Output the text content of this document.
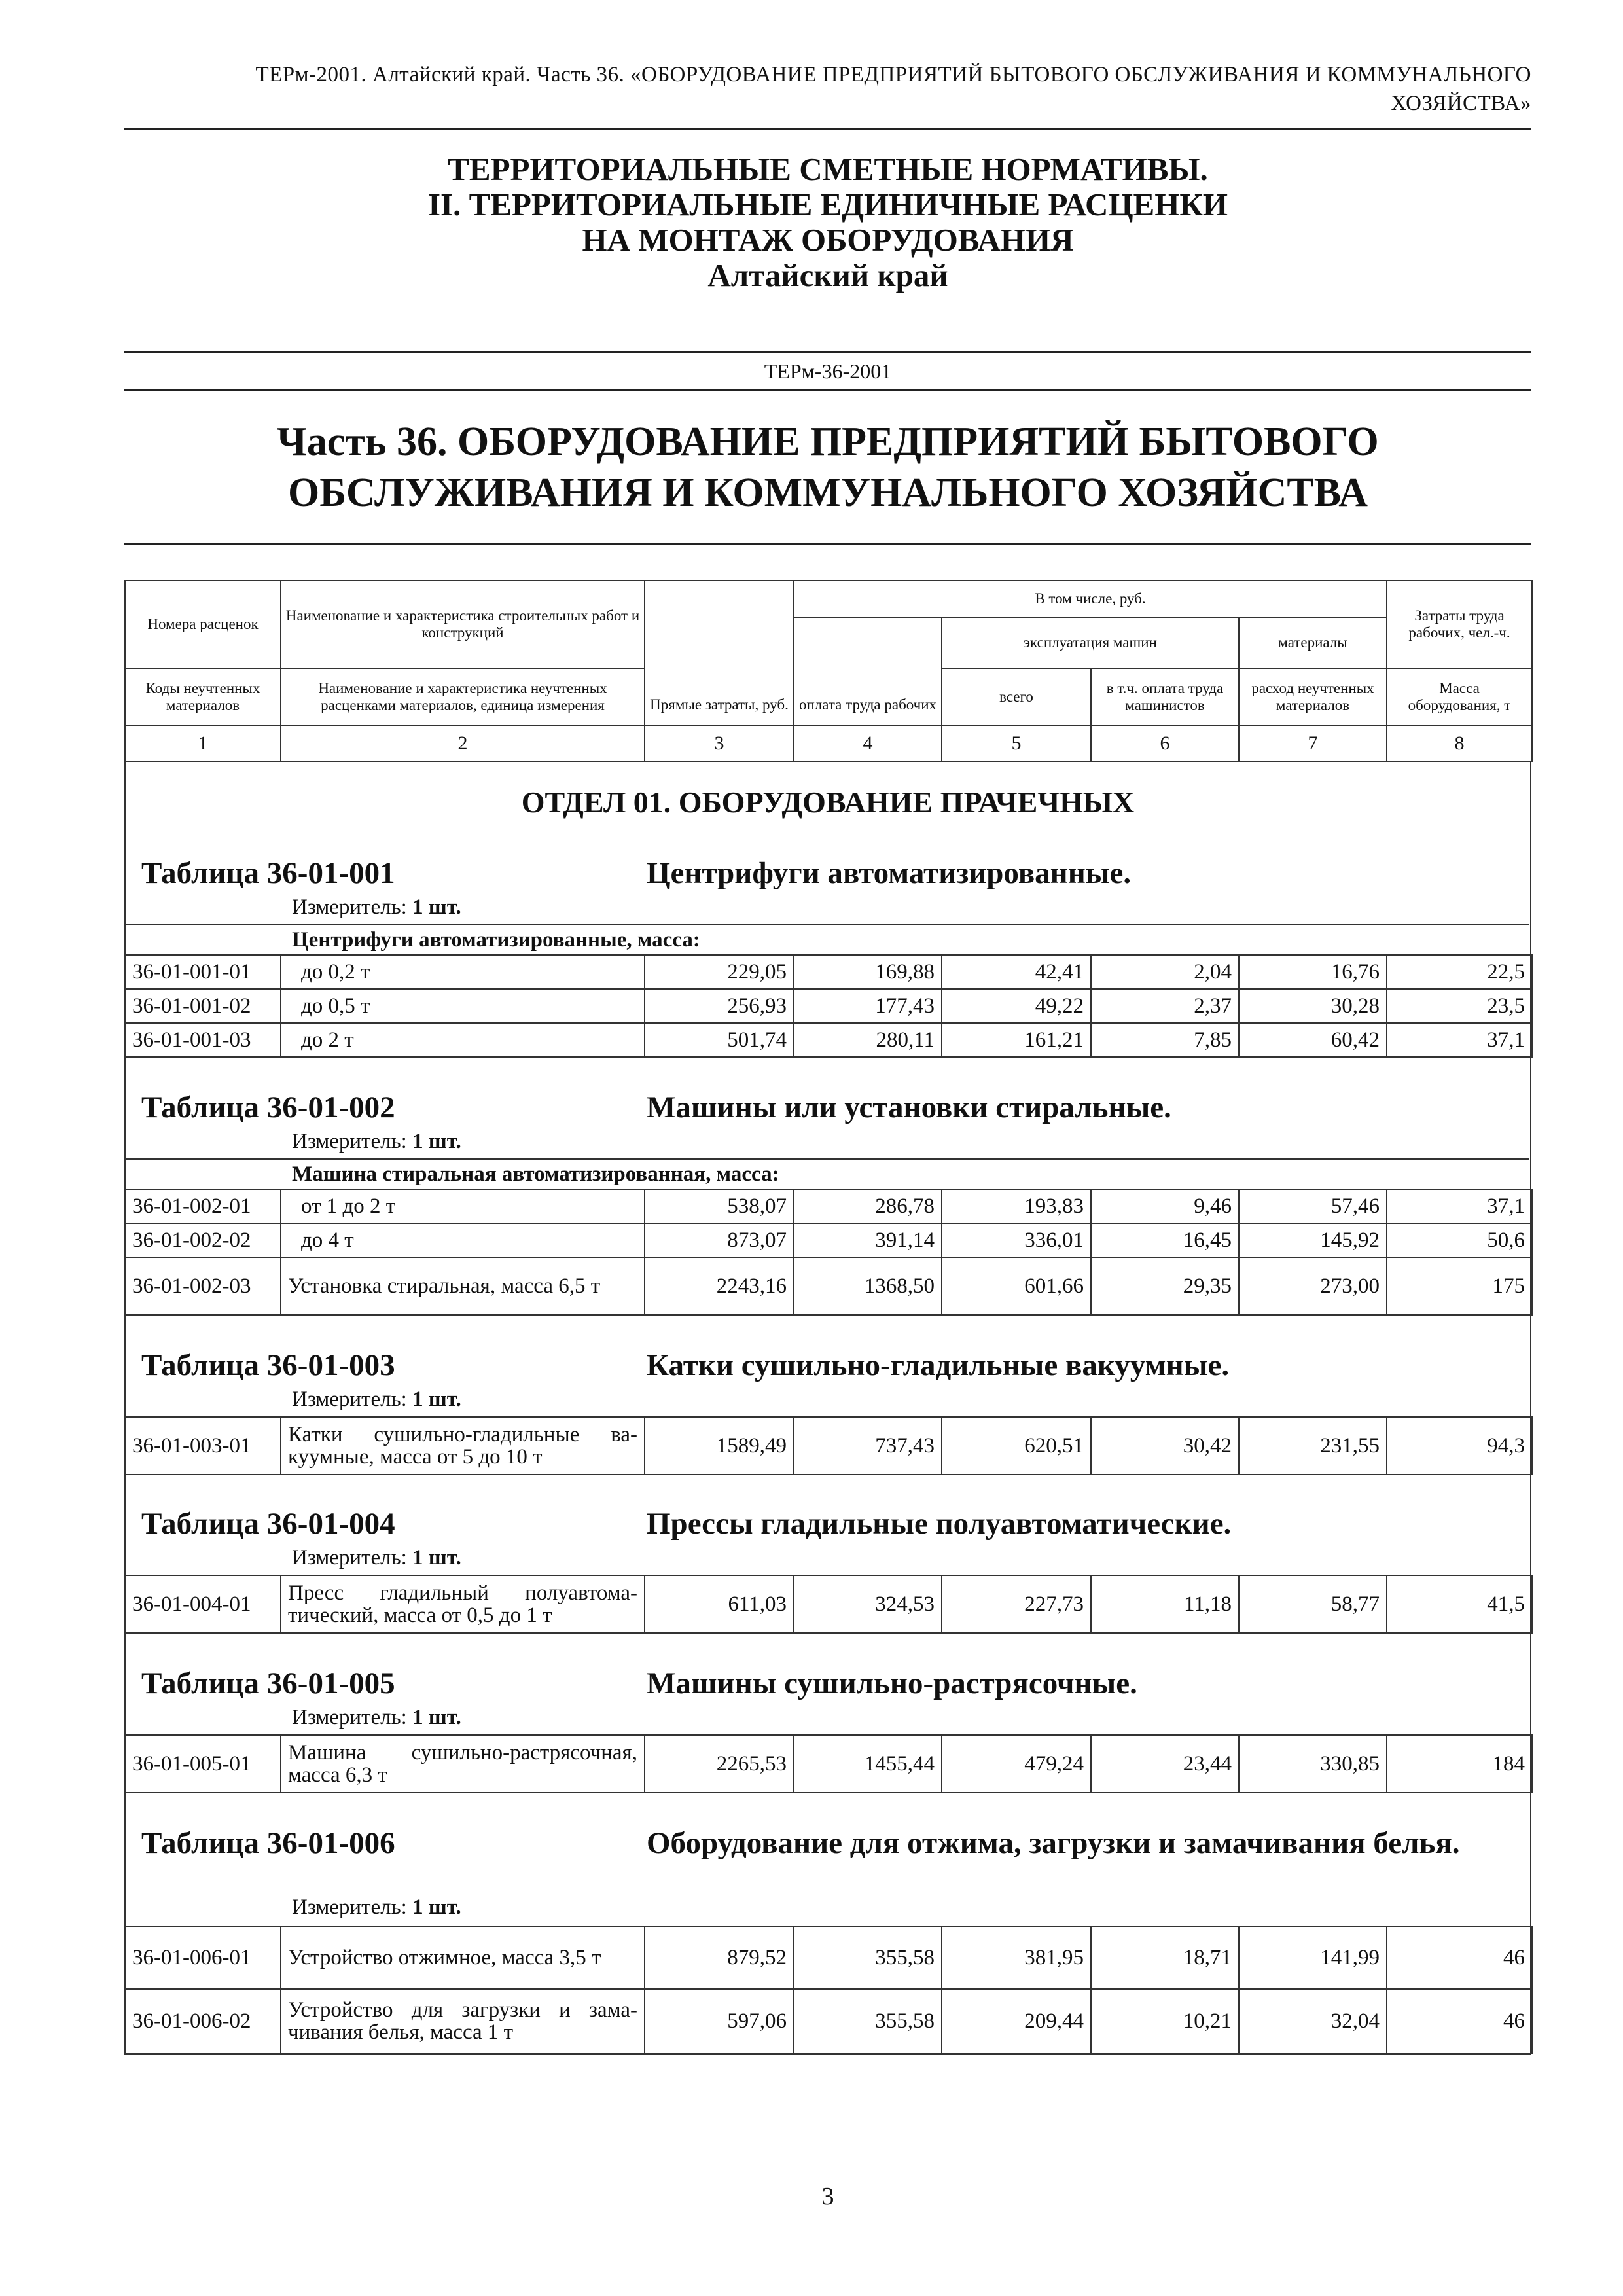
ТЕРм-2001. Алтайский край. Часть 36. «ОБОРУДОВАНИЕ ПРЕДПРИЯТИЙ БЫТОВОГО ОБСЛУЖИВАНИЯ И КОММУНАЛЬНОГО ХОЗЯЙСТВА»
ТЕРРИТОРИАЛЬНЫЕ СМЕТНЫЕ НОРМАТИВЫ.
II. ТЕРРИТОРИАЛЬНЫЕ ЕДИНИЧНЫЕ РАСЦЕНКИ
НА МОНТАЖ ОБОРУДОВАНИЯ
Алтайский край
ТЕРм-36-2001
Часть 36. ОБОРУДОВАНИЕ ПРЕДПРИЯТИЙ БЫТОВОГО
ОБСЛУЖИВАНИЯ И КОММУНАЛЬНОГО ХОЗЯЙСТВА
Номера расценок	Наименование и характеристика строительных работ и конструкций	Прямые затраты, руб.	В том числе, руб.				Затраты труда рабочих, чел.-ч.
			оплата труда рабочих	эксплуатация машин		материалы	
Коды неучтенных материалов	Наименование и характеристика неучтенных расценками материалов, единица измерения			всего	в т.ч. оплата труда машинистов	расход неучтенных материалов	Масса оборудования, т
1	2	3	4	5	6	7	8
ОТДЕЛ 01. ОБОРУДОВАНИЕ ПРАЧЕЧНЫХ
Таблица 36-01-001	Центрифуги автоматизированные.
Измеритель: 1 шт.
Центрифуги автоматизированные, масса:
36-01-001-01	до 0,2 т	229,05	169,88	42,41	2,04	16,76	22,5
36-01-001-02	до 0,5 т	256,93	177,43	49,22	2,37	30,28	23,5
36-01-001-03	до 2 т	501,74	280,11	161,21	7,85	60,42	37,1
Таблица 36-01-002	Машины или установки стиральные.
Измеритель: 1 шт.
Машина стиральная автоматизированная, масса:
36-01-002-01	от 1 до 2 т	538,07	286,78	193,83	9,46	57,46	37,1
36-01-002-02	до 4 т	873,07	391,14	336,01	16,45	145,92	50,6
36-01-002-03	Установка стиральная, масса 6,5 т	2243,16	1368,50	601,66	29,35	273,00	175
Таблица 36-01-003	Катки сушильно-гладильные вакуумные.
Измеритель: 1 шт.
36-01-003-01	Катки сушильно-гладильные ва-куумные, масса от 5 до 10 т	1589,49	737,43	620,51	30,42	231,55	94,3
Таблица 36-01-004	Прессы гладильные полуавтоматические.
Измеритель: 1 шт.
36-01-004-01	Пресс гладильный полуавтома-тический, масса от 0,5 до 1 т	611,03	324,53	227,73	11,18	58,77	41,5
Таблица 36-01-005	Машины сушильно-растрясочные.
Измеритель: 1 шт.
36-01-005-01	Машина сушильно-растрясочная, масса 6,3 т	2265,53	1455,44	479,24	23,44	330,85	184
Таблица 36-01-006	Оборудование для отжима, загрузки и замачивания белья.
Измеритель: 1 шт.
36-01-006-01	Устройство отжимное, масса 3,5 т	879,52	355,58	381,95	18,71	141,99	46
36-01-006-02	Устройство для загрузки и зама-чивания белья, масса 1 т	597,06	355,58	209,44	10,21	32,04	46
3
